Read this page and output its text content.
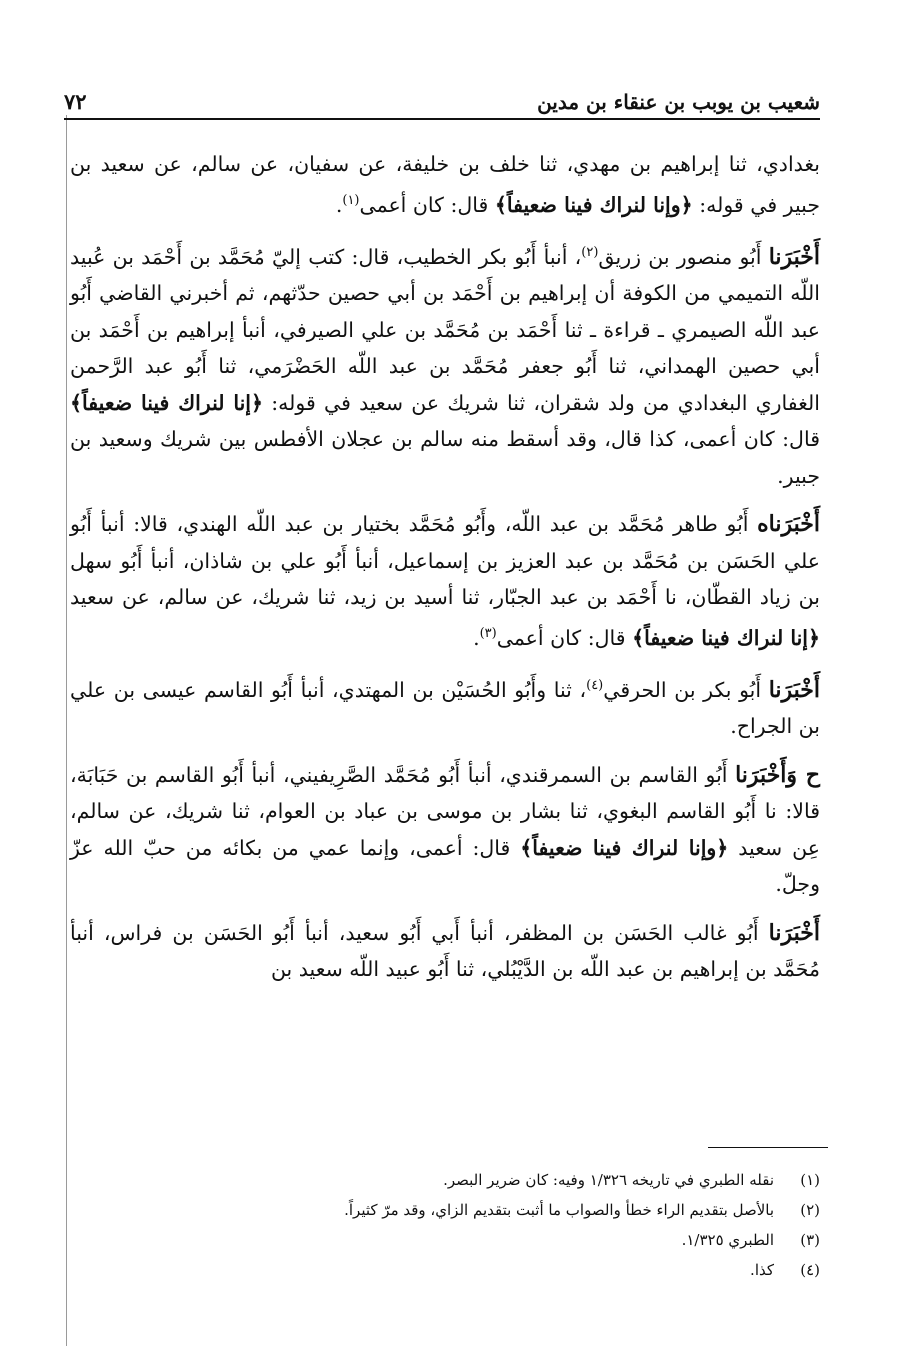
شعيب بن يوبب بن عنقاء بن مدين
٧٢

بغدادي، ثنا إبراهيم بن مهدي، ثنا خلف بن خليفة، عن سفيان، عن سالم، عن سعيد بن جبير في قوله: ﴿وإنا لنراك فينا ضعيفاً﴾ قال: كان أعمى$^{(١)}$.

أَخْبَرَنا أَبُو منصور بن زريق$^{(٢)}$، أنبأ أَبُو بكر الخطيب، قال: كتب إليّ مُحَمَّد بن أَحْمَد بن عُبيد اللّه التميمي من الكوفة أن إبراهيم بن أَحْمَد بن أبي حصين حدّثهم، ثم أخبرني القاضي أَبُو عبد اللّه الصيمري ـ قراءة ـ ثنا أَحْمَد بن مُحَمَّد بن علي الصيرفي، أنبأ إبراهيم بن أَحْمَد بن أبي حصين الهمداني، ثنا أَبُو جعفر مُحَمَّد بن عبد اللّه الحَضْرَمي، ثنا أَبُو عبد الرَّحمن الغفاري البغدادي من ولد شقران، ثنا شريك عن سعيد في قوله: ﴿إنا لنراك فينا ضعيفاً﴾ قال: كان أعمى، كذا قال، وقد أسقط منه سالم بن عجلان الأفطس بين شريك وسعيد بن جبير.

أَخْبَرَناه أَبُو طاهر مُحَمَّد بن عبد اللّه، وأَبُو مُحَمَّد بختيار بن عبد اللّه الهندي، قالا: أنبأ أَبُو علي الحَسَن بن مُحَمَّد بن عبد العزيز بن إسماعيل، أنبأ أَبُو علي بن شاذان، أنبأ أَبُو سهل بن زياد القطّان، نا أَحْمَد بن عبد الجبّار، ثنا أسيد بن زيد، ثنا شريك، عن سالم، عن سعيد ﴿إنا لنراك فينا ضعيفاً﴾ قال: كان أعمى$^{(٣)}$.

أَخْبَرَنا أَبُو بكر بن الحرقي$^{(٤)}$، ثنا وأَبُو الحُسَيْن بن المهتدي، أنبأ أَبُو القاسم عيسى بن علي بن الجراح.

ح وَأَخْبَرَنا أَبُو القاسم بن السمرقندي، أنبأ أَبُو مُحَمَّد الصَّرِيفيني، أنبأ أَبُو القاسم بن حَبَابَة، قالا: نا أَبُو القاسم البغوي، ثنا بشار بن موسى بن عباد بن العوام، ثنا شريك، عن سالم، عِن سعيد ﴿وإنا لنراك فينا ضعيفاً﴾ قال: أعمى، وإنما عمي من بكائه من حبّ الله عزّ وجلّ.

أَخْبَرَنا أَبُو غالب الحَسَن بن المظفر، أنبأ أَبي أَبُو سعيد، أنبأ أَبُو الحَسَن بن فراس، أنبأ مُحَمَّد بن إبراهيم بن عبد اللّه بن الدَّيْبُلي، ثنا أَبُو عبيد اللّه سعيد بن

(١)
نقله الطبري في تاريخه ١/٣٢٦ وفيه: كان ضرير البصر.
(٢)
بالأصل بتقديم الراء خطأ والصواب ما أثبت بتقديم الزاي، وقد مرّ كثيراً.
(٣)
الطبري ١/٣٢٥.
(٤)
كذا.
